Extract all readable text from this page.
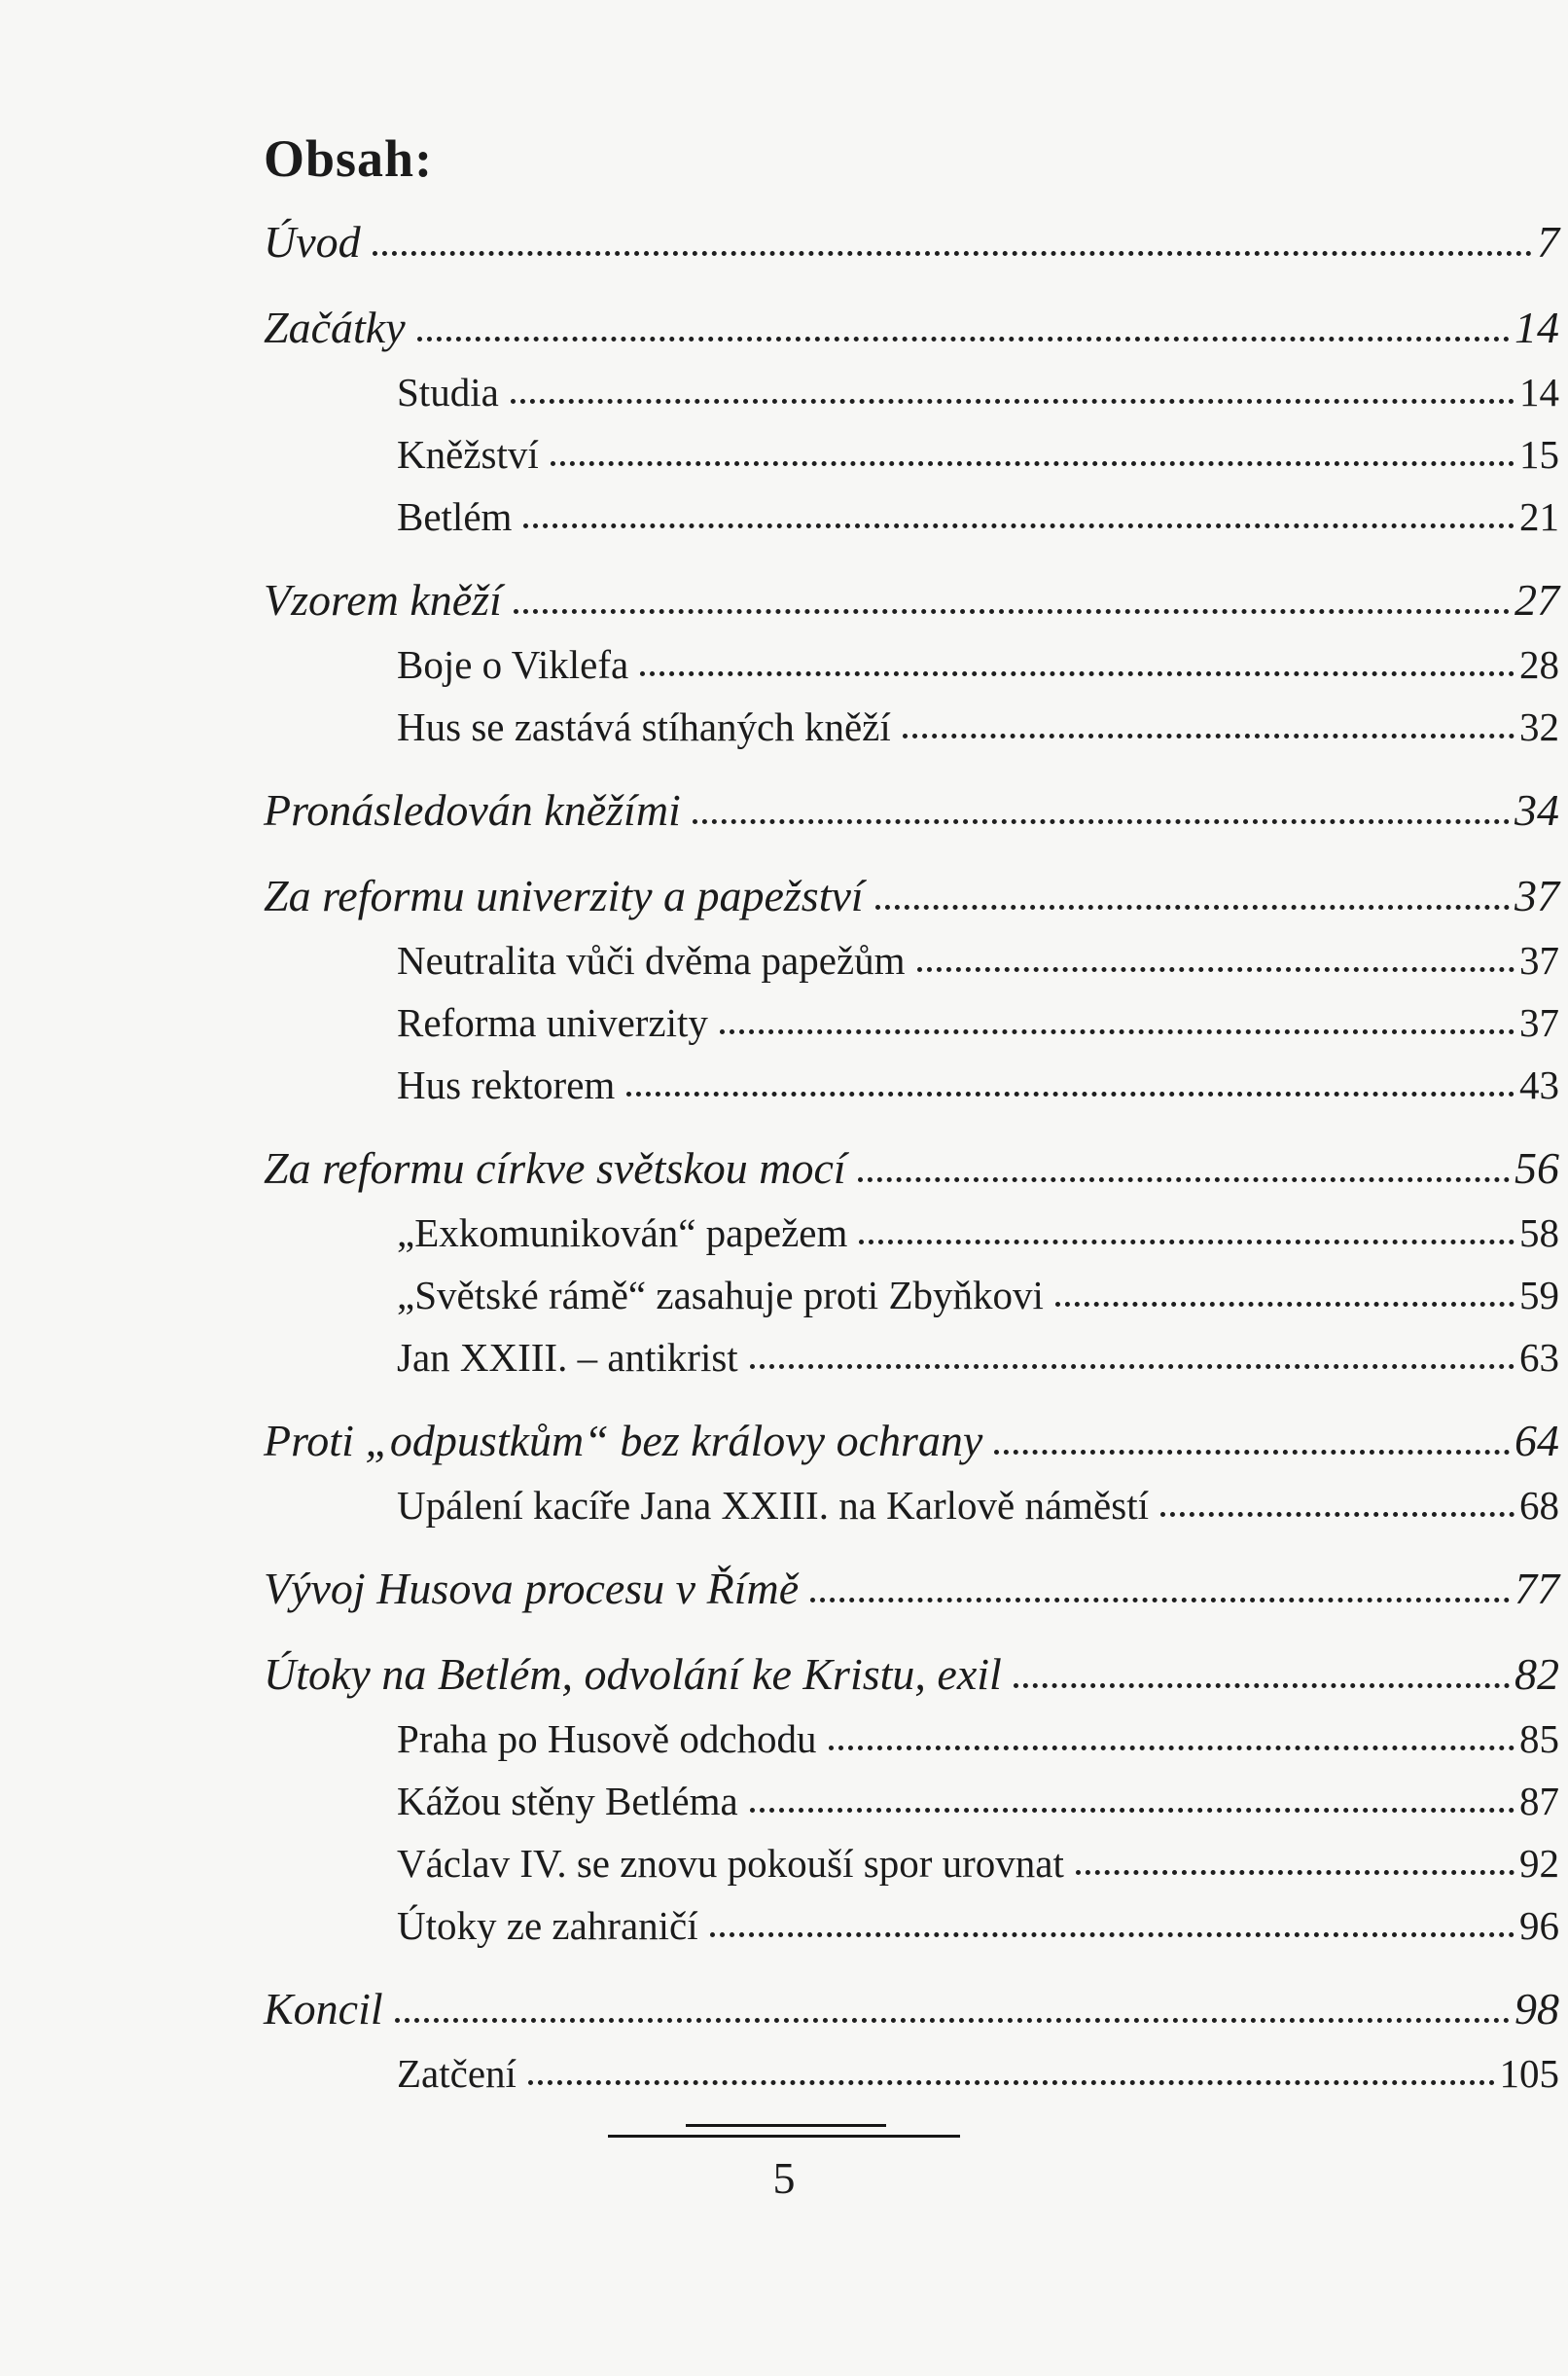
Obsah:
Úvod	7
Začátky	14
Studia	14
Kněžství	15
Betlém	21
Vzorem kněží	27
Boje o Viklefa	28
Hus se zastává stíhaných kněží	32
Pronásledován kněžími	34
Za reformu univerzity a papežství	37
Neutralita vůči dvěma papežům	37
Reforma univerzity	37
Hus rektorem	43
Za reformu církve světskou mocí	56
„Exkomunikován“ papežem	58
„Světské rámě“ zasahuje proti Zbyňkovi	59
Jan XXIII. – antikrist	63
Proti „odpustkům“ bez královy ochrany	64
Upálení kacíře Jana XXIII. na Karlově náměstí	68
Vývoj Husova procesu v Římě	77
Útoky na Betlém, odvolání ke Kristu, exil	82
Praha po Husově odchodu	85
Kážou stěny Betléma	87
Václav IV. se znovu pokouší spor urovnat	92
Útoky ze zahraničí	96
Koncil	98
Zatčení	105
5
